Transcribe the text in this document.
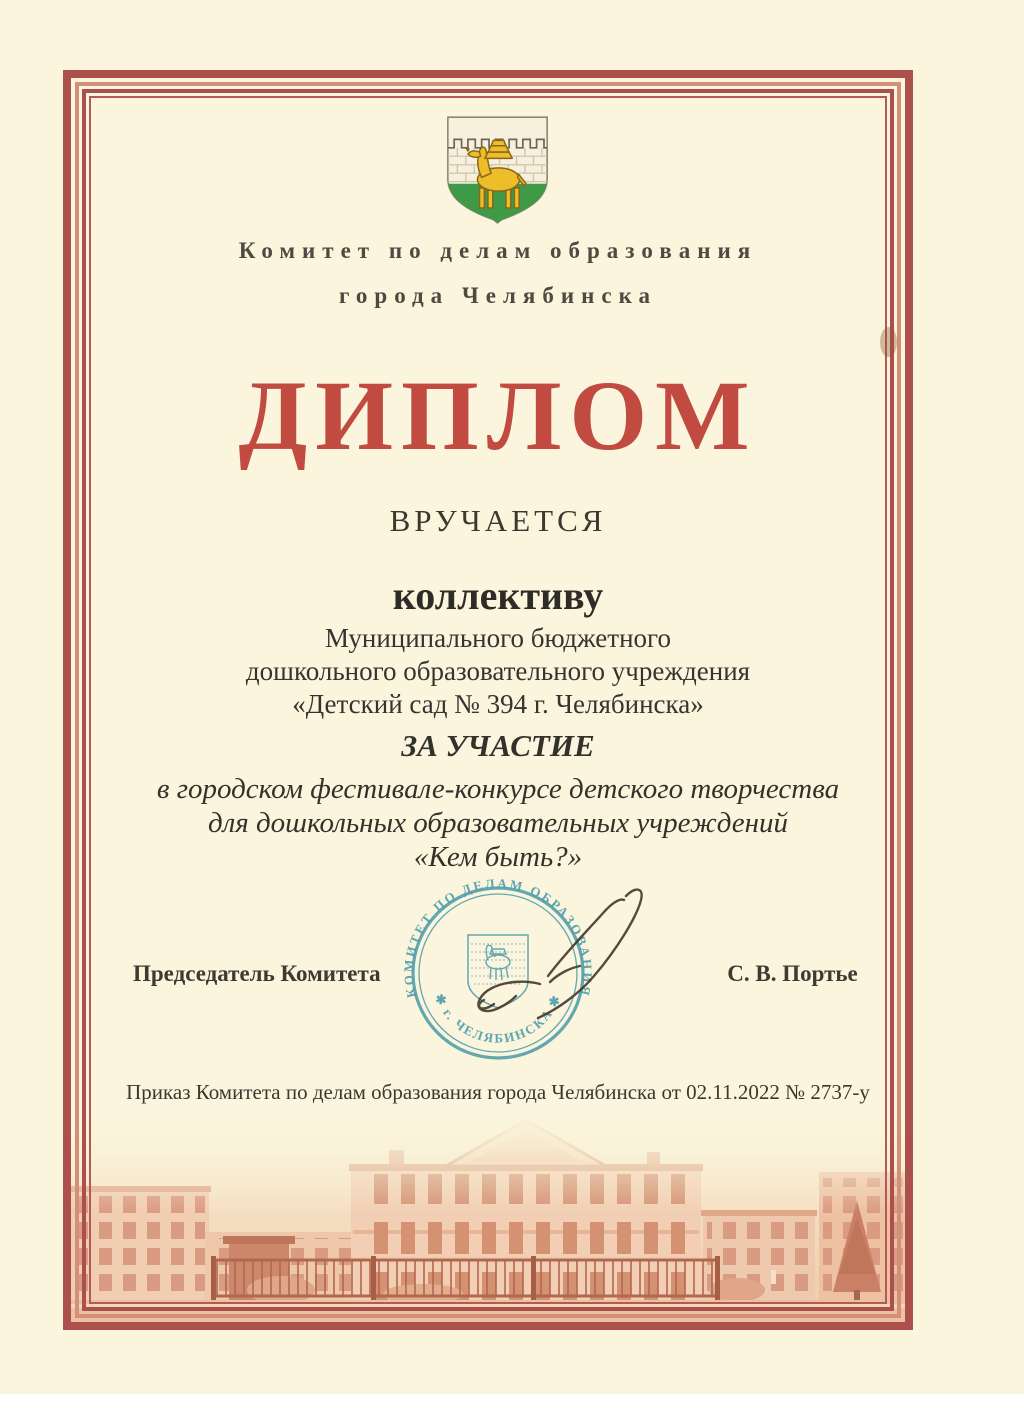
Комитет по делам образования
города Челябинска
ДИПЛОМ
ВРУЧАЕТСЯ
коллективу
Муниципального бюджетного
дошкольного образовательного учреждения
«Детский сад № 394 г. Челябинска»
ЗА УЧАСТИЕ
в городском фестивале-конкурсе детского творчества
для дошкольных образовательных учреждений
«Кем быть?»
КОМИТЕТ ПО ДЕЛАМ ОБРАЗОВАНИЯ
✱ г. ЧЕЛЯБИНСКА ✱
Председатель Комитета	С. В. Портье
Приказ Комитета по делам образования города Челябинска от 02.11.2022 № 2737-у
